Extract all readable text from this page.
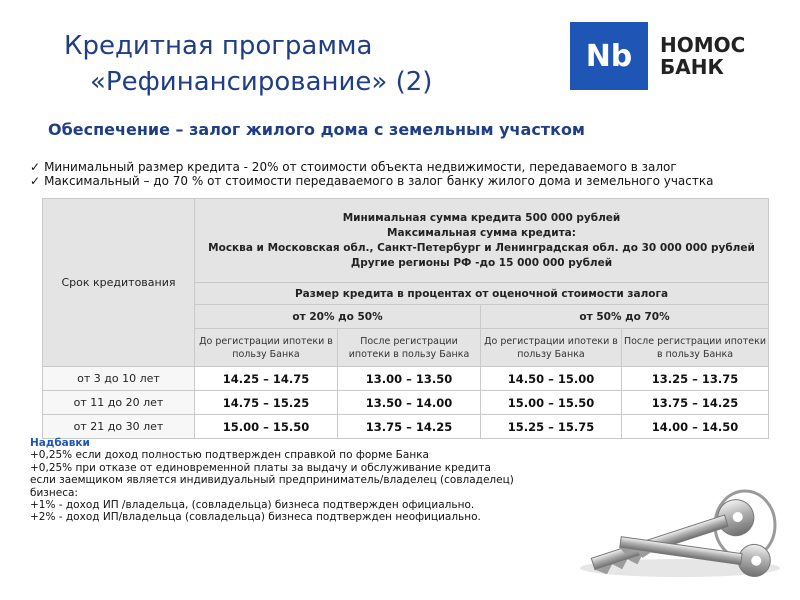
Кредитная программа
«Рефинансирование» (2)
Nb	НОМОС
БАНК
Обеспечение – залог жилого дома с земельным участком

✓ Минимальный размер кредита - 20% от стоимости объекта недвижимости, передаваемого в залог

✓ Максимальный – до 70 % от стоимости передаваемого в залог банку жилого дома и земельного участка

Срок кредитования	Минимальная сумма кредита 500 000 рублей
Максимальная сумма кредита:
Москва и Московская обл., Санкт-Петербург и Ленинградская обл. до 30 000 000 рублей
Другие регионы РФ -до 15 000 000 рублей			

	Размер кредита в процентах от оценочной стоимости залога			
	от 20% до 50%		от 50% до 70%	
	До регистрации ипотеки в пользу Банка	После регистрации ипотеки в пользу Банка	До регистрации ипотеки в пользу Банка	После регистрации ипотеки в пользу Банка
от 3 до 10 лет	14.25 – 14.75	13.00 – 13.50	14.50 – 15.00	13.25 – 13.75
от 11 до 20 лет	14.75 – 15.25	13.50 – 14.00	15.00 – 15.50	13.75 – 14.25
от 21 до 30 лет	15.00 – 15.50	13.75 – 14.25	15.25 – 15.75	14.00 – 14.50
Надбавки
+0,25% если доход полностью подтвержден справкой по форме Банка
+0,25% при отказе от единовременной платы за выдачу и обслуживание кредита
если заемщиком является индивидуальный предприниматель/владелец (совладелец)
бизнеса:
+1% - доход ИП /владельца, (совладельца) бизнеса подтвержден официально.
+2% - доход ИП/владельца (совладельца) бизнеса подтвержден неофициально.
